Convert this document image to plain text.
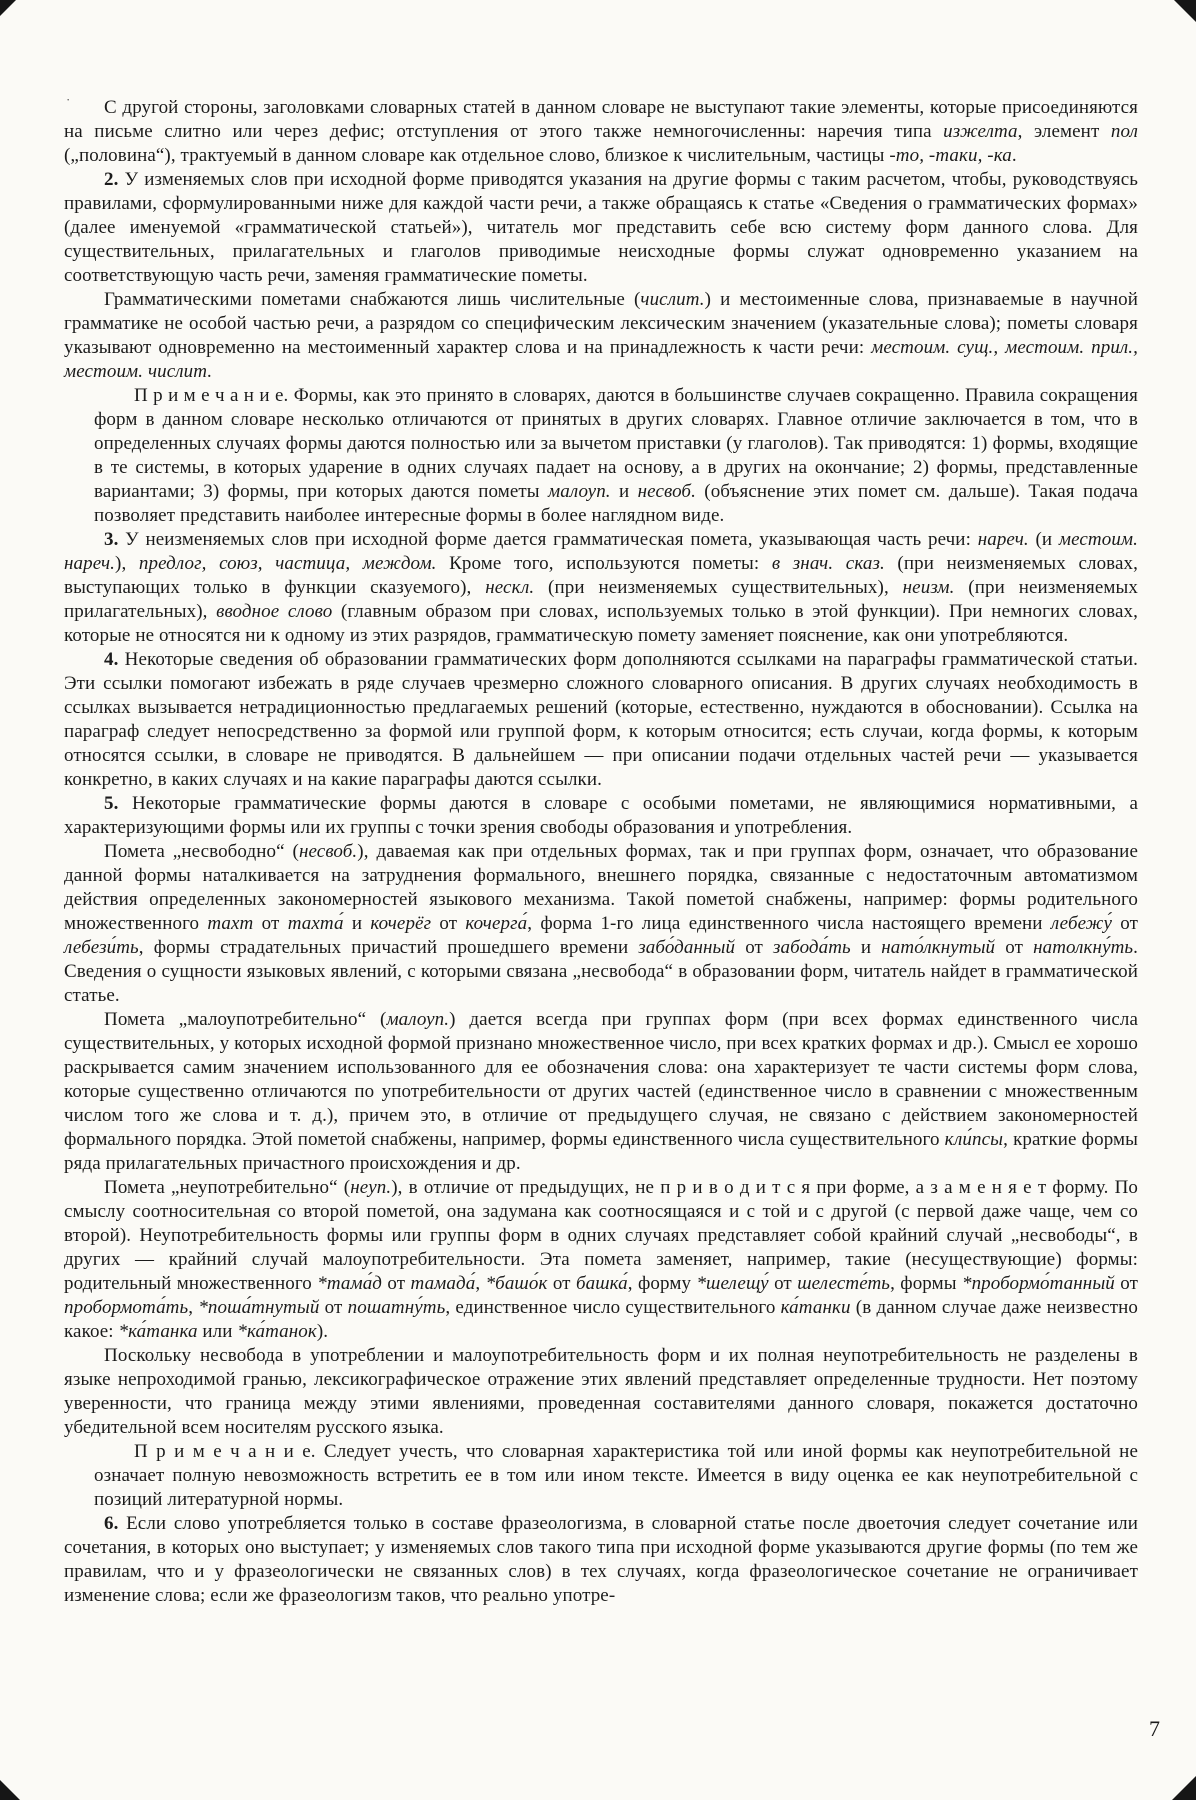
·	С другой стороны, заголовками словарных статей в данном словаре не выступают такие элементы, которые присоединяются на письме слитно или через дефис; отступления от этого также немногочисленны: наречия типа изжелта, элемент пол („половина“), трактуемый в данном словаре как отдельное слово, близкое к числительным, частицы -то, -таки, -ка.

2. У изменяемых слов при исходной форме приводятся указания на другие формы с таким расчетом, чтобы, руководствуясь правилами, сформулированными ниже для каждой части речи, а также обращаясь к статье «Сведения о грамматических формах» (далее именуемой «грамматической статьей»), читатель мог представить себе всю систему форм данного слова. Для существительных, прилагательных и глаголов приводимые неисходные формы служат одновременно указанием на соответствующую часть речи, заменяя грамматические пометы.

Грамматическими пометами снабжаются лишь числительные (числит.) и местоименные слова, признаваемые в научной грамматике не особой частью речи, а разрядом со специфическим лексическим значением (указательные слова); пометы словаря указывают одновременно на местоименный характер слова и на принадлежность к части речи: местоим. сущ., местоим. прил., местоим. числит.

П р и м е ч а н и е. Формы, как это принято в словарях, даются в большинстве случаев сокращенно. Правила сокращения форм в данном словаре несколько отличаются от принятых в других словарях. Главное отличие заключается в том, что в определенных случаях формы даются полностью или за вычетом приставки (у глаголов). Так приводятся: 1) формы, входящие в те системы, в которых ударение в одних случаях падает на основу, а в других на окончание; 2) формы, представленные вариантами; 3) формы, при которых даются пометы малоуп. и несвоб. (объяснение этих помет см. дальше). Такая подача позволяет представить наиболее интересные формы в более наглядном виде.

3. У неизменяемых слов при исходной форме дается грамматическая помета, указывающая часть речи: нареч. (и местоим. нареч.), предлог, союз, частица, междом. Кроме того, используются пометы: в знач. сказ. (при неизменяемых словах, выступающих только в функции сказуемого), нескл. (при неизменяемых существительных), неизм. (при неизменяемых прилагательных), вводное слово (главным образом при словах, используемых только в этой функции). При немногих словах, которые не относятся ни к одному из этих разрядов, грамматическую помету заменяет пояснение, как они употребляются.

4. Некоторые сведения об образовании грамматических форм дополняются ссылками на параграфы грамматической статьи. Эти ссылки помогают избежать в ряде случаев чрезмерно сложного словарного описания. В других случаях необходимость в ссылках вызывается нетрадиционностью предлагаемых решений (которые, естественно, нуждаются в обосновании). Ссылка на параграф следует непосредственно за формой или группой форм, к которым относится; есть случаи, когда формы, к которым относятся ссылки, в словаре не приводятся. В дальнейшем — при описании подачи отдельных частей речи — указывается конкретно, в каких случаях и на какие параграфы даются ссылки.

5. Некоторые грамматические формы даются в словаре с особыми пометами, не являющимися нормативными, а характеризующими формы или их группы с точки зрения свободы образования и употребления.

Помета „несвободно“ (несвоб.), даваемая как при отдельных формах, так и при группах форм, означает, что образование данной формы наталкивается на затруднения формального, внешнего порядка, связанные с недостаточным автоматизмом действия определенных закономерностей языкового механизма. Такой пометой снабжены, например: формы родительного множественного тахт от тахта́ и кочерёг от кочерга́, форма 1-го лица единственного числа настоящего времени лебежу́ от лебези́ть, формы страдательных причастий прошедшего времени забо́данный от забода́ть и нато́лкнутый от натолкну́ть. Сведения о сущности языковых явлений, с которыми связана „несвобода“ в образовании форм, читатель найдет в грамматической статье.

Помета „малоупотребительно“ (малоуп.) дается всегда при группах форм (при всех формах единственного числа существительных, у которых исходной формой признано множественное число, при всех кратких формах и др.). Смысл ее хорошо раскрывается самим значением использованного для ее обозначения слова: она характеризует те части системы форм слова, которые существенно отличаются по употребительности от других частей (единственное число в сравнении с множественным числом того же слова и т. д.), причем это, в отличие от предыдущего случая, не связано с действием закономерностей формального порядка. Этой пометой снабжены, например, формы единственного числа существительного кли́псы, краткие формы ряда прилагательных причастного происхождения и др.

Помета „неупотребительно“ (неуп.), в отличие от предыдущих, не п р и в о д и т с я при форме, а з а м е н я е т форму. По смыслу соотносительная со второй пометой, она задумана как соотносящаяся и с той и с другой (с первой даже чаще, чем со второй). Неупотребительность формы или группы форм в одних случаях представляет собой крайний случай „несвободы“, в других — крайний случай малоупотребительности. Эта помета заменяет, например, такие (несуществующие) формы: родительный множественного *тама́д от тамада́, *башо́к от башка́, форму *шелещу́ от шелесте́ть, формы *пробормо́танный от пробормота́ть, *поша́тнутый от пошатну́ть, единственное число существительного ка́танки (в данном случае даже неизвестно какое: *ка́танка или *ка́танок).

Поскольку несвобода в употреблении и малоупотребительность форм и их полная неупотребительность не разделены в языке непроходимой гранью, лексикографическое отражение этих явлений представляет определенные трудности. Нет поэтому уверенности, что граница между этими явлениями, проведенная составителями данного словаря, покажется достаточно убедительной всем носителям русского языка.

П р и м е ч а н и е. Следует учесть, что словарная характеристика той или иной формы как неупотребительной не означает полную невозможность встретить ее в том или ином тексте. Имеется в виду оценка ее как неупотребительной с позиций литературной нормы.

6. Если слово употребляется только в составе фразеологизма, в словарной статье после двоеточия следует сочетание или сочетания, в которых оно выступает; у изменяемых слов такого типа при исходной форме указываются другие формы (по тем же правилам, что и у фразеологически не связанных слов) в тех случаях, когда фразеологическое сочетание не ограничивает изменение слова; если же фразеологизм таков, что реально употре-

7
